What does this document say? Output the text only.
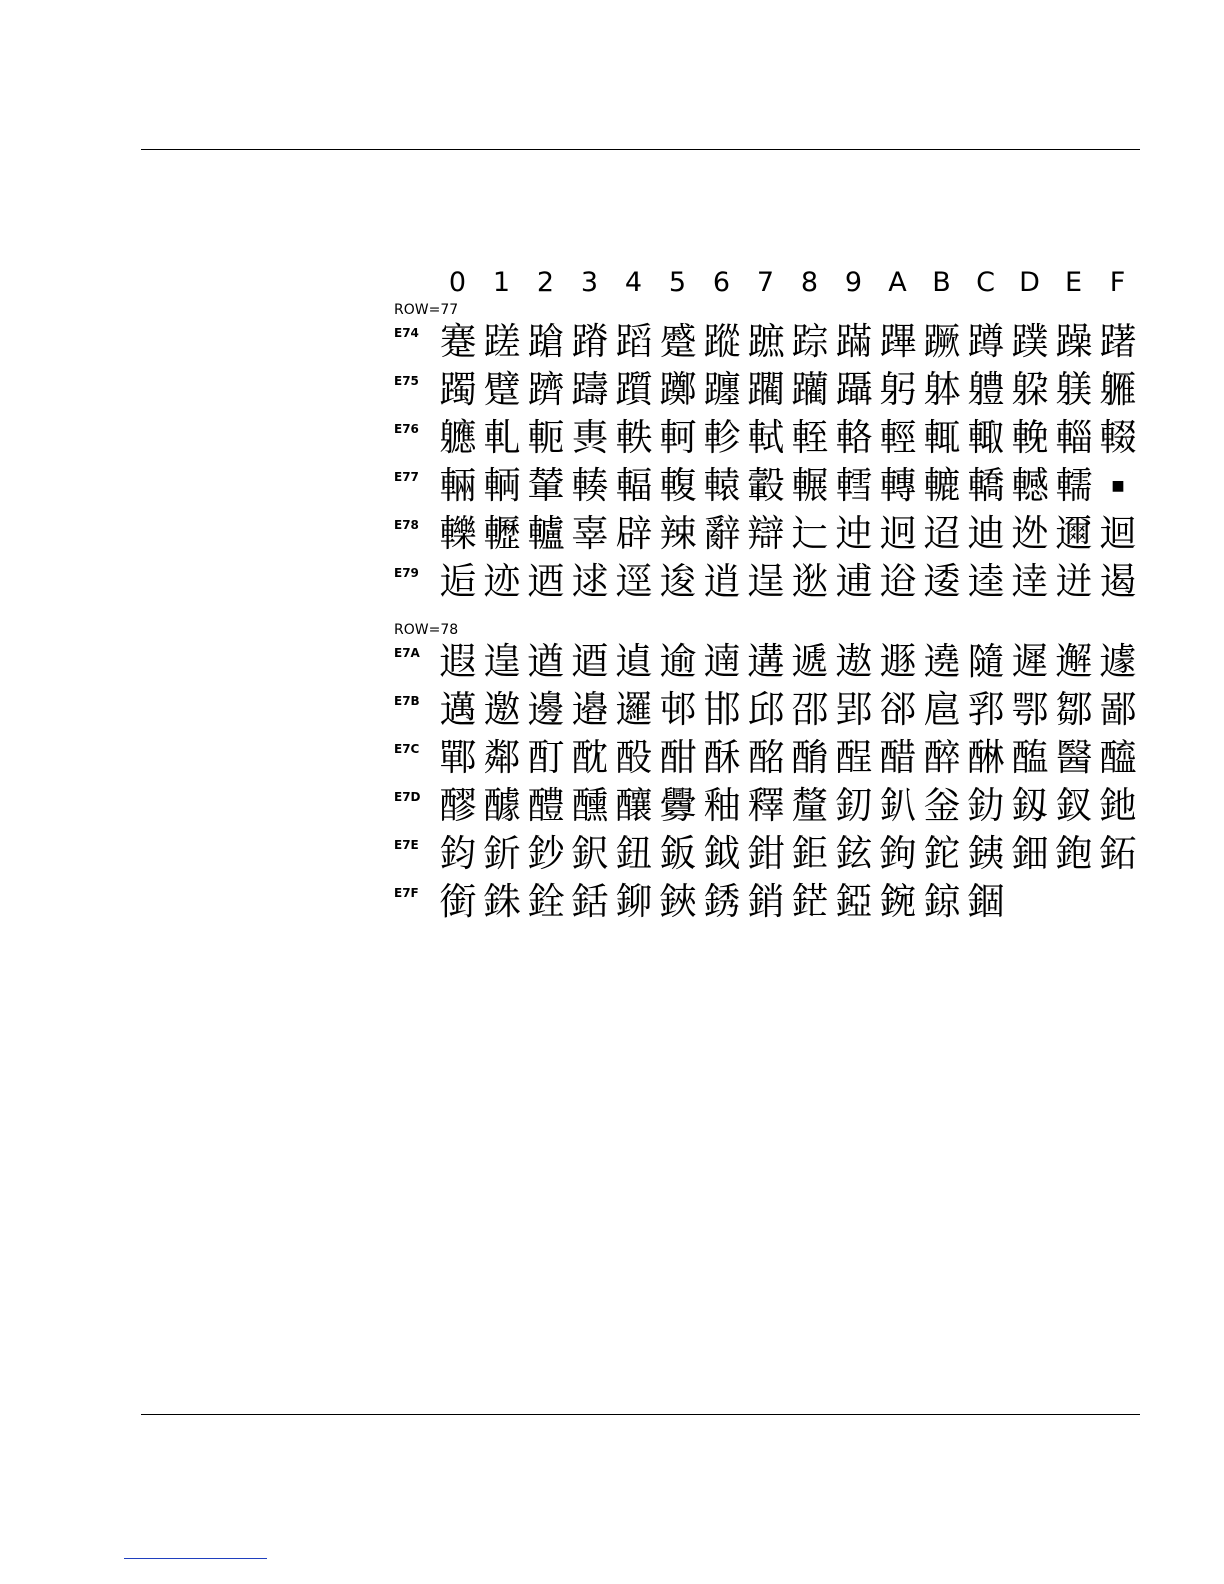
0 1 2 3 4 5 6 7 8 9 A B C D E	F
ROW=77
E74 蹇 蹉 蹌 蹐 蹈 蹙 蹤 蹠 踪 蹣 蹕 蹶 蹲 蹼 躁 躇
E75 躅 躄 躋 躊 躓 躑 躔 躙 躪 躡 躬 躰 軆 躱 躾 軅
E76 軈 軋 軛 軣 軼 軻 軫 軾 輊 輅 輕 輒 輙 輓 輜 輟
E77 輛 輌 輦 輳 輻 輹 轅 轂 輾 轌 轉 轆 轎 轗 轜	■
E78 轢 轣 轤 辜 辟 辣 辭 辯 辷 迚 迥 迢 迪 迯 邇 迴
E79 逅 迹 迺 逑 逕 逡 逍 逞 逖 逋 逧 逶 逵 逹 迸 遏
ROW=78
E7A 遐 遑 遒 逎 遉 逾 遖 遘 遞 遨 遯 遶 隨 遲 邂 遽
E7B 邁 邀 邊 邉 邏 邨 邯 邱 邵 郢 郤 扈 郛 鄂 鄒 鄙
E7C 鄲 鄰 酊 酖 酘 酣 酥 酩 酳 酲 醋 醉 醂 醢 醫 醯
E7D 醪 醵 醴 醺 釀 釁 釉 釋 釐 釖 釟 釡 釛 釼 釵 釶
E7E 鈞 釿 鈔 鈬 鈕 鈑 鉞 鉗 鉅 鉉 鉤 鉈 銕 鈿 鉋 鉐
E7F 銜 銖 銓 銛 鉚 鋏 銹 銷 鋩 錏 鋺 鍄 錮
